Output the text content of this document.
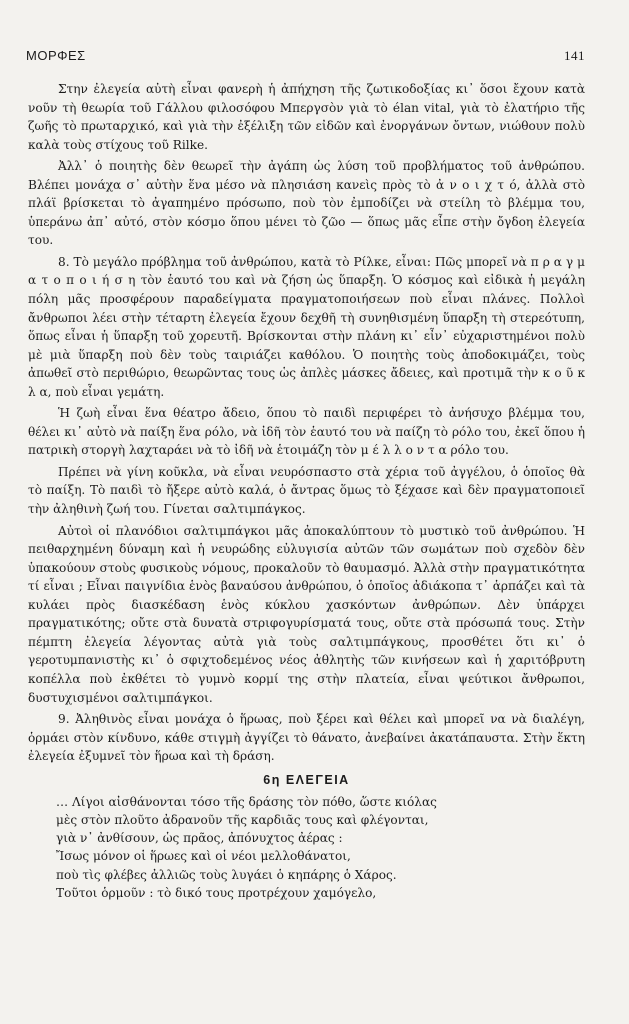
ΜΟΡΦΕΣ	141

Στην ἐλεγεία αὐτὴ εἶναι φανερὴ ἡ ἀπήχηση τῆς ζωτικοδοξίας κι᾿ ὅσοι ἔχουν κατὰ νοῦν τὴ θεωρία τοῦ Γάλλου φιλοσόφου Μπεργσὸν γιὰ τὸ élan vital, γιὰ τὸ ἐλατήριο τῆς ζωῆς τὸ πρωταρχικό, καὶ γιὰ τὴν ἐξέλιξη τῶν εἰδῶν καὶ ἐνοργάνων ὄντων, νιώθουν πολὺ καλὰ τοὺς στίχους τοῦ Rilke.

Ἀλλ᾿ ὁ ποιητὴς δὲν θεωρεῖ τὴν ἀγάπη ὡς λύση τοῦ προβλήματος τοῦ ἀνθρώπου. Βλέπει μονάχα σ᾿ αὐτὴν ἕνα μέσο νὰ πλησιάση κανεὶς πρὸς τὸ ἀ ν ο ι χ τ ό, ἀλλὰ στὸ πλάϊ βρίσκεται τὸ ἀγαπημένο πρόσωπο, ποὺ τὸν ἐμποδίζει νὰ στείλη τὸ βλέμμα του, ὑπεράνω ἀπ᾿ αὐτό, στὸν κόσμο ὅπου μένει τὸ ζῶο — ὅπως μᾶς εἶπε στὴν ὄγδοη ἐλεγεία του.

8. Τὸ μεγάλο πρόβλημα τοῦ ἀνθρώπου, κατὰ τὸ Ρίλκε, εἶναι: Πῶς μπορεῖ νὰ π ρ α γ μ α τ ο π ο ι ή σ η τὸν ἑαυτό του καὶ νὰ ζήση ὡς ὕπαρξη. Ὁ κόσμος καὶ εἰδικὰ ἡ μεγάλη πόλη μᾶς προσφέρουν παραδείγματα πραγματοποιήσεων ποὺ εἶναι πλάνες. Πολλοὶ ἄνθρωποι λέει στὴν τέταρτη ἐλεγεία ἔχουν δεχθῆ τὴ συνηθισμένη ὕπαρξη τὴ στερεότυπη, ὅπως εἶναι ἡ ὕπαρξη τοῦ χορευτῆ. Βρίσκονται στὴν πλάνη κι᾿ εἶν᾿ εὐχαριστημένοι πολὺ μὲ μιὰ ὕπαρξη ποὺ δὲν τοὺς ταιριάζει καθόλου. Ὁ ποιητὴς τοὺς ἀποδοκιμάζει, τοὺς ἀπωθεῖ στὸ περιθώριο, θεωρῶντας τους ὡς ἀπλὲς μάσκες ἄδειες, καὶ προτιμᾶ τὴν κ ο ῦ κ λ α, ποὺ εἶναι γεμάτη.

Ἡ ζωὴ εἶναι ἕνα θέατρο ἄδειο, ὅπου τὸ παιδὶ περιφέρει τὸ ἀνήσυχο βλέμμα του, θέλει κι᾿ αὐτὸ νὰ παίξη ἕνα ρόλο, νὰ ἰδῆ τὸν ἑαυτό του νὰ παίζη τὸ ρόλο του, ἐκεῖ ὅπου ἡ πατρικὴ στοργὴ λαχταράει νὰ τὸ ἰδῆ νὰ ἑτοιμάζη τὸν μ έ λ λ ο ν τ α ρόλο του.

Πρέπει νὰ γίνη κοῦκλα, νὰ εἶναι νευρόσπαστο στὰ χέρια τοῦ ἀγγέλου, ὁ ὁποῖος θὰ τὸ παίξη. Τὸ παιδὶ τὸ ἤξερε αὐτὸ καλά, ὁ ἄντρας ὅμως τὸ ξέχασε καὶ δὲν πραγματοποιεῖ τὴν ἀληθινὴ ζωή του. Γίνεται σαλτιμπάγκος.

Αὐτοὶ οἱ πλανόδιοι σαλτιμπάγκοι μᾶς ἀποκαλύπτουν τὸ μυστικὸ τοῦ ἀνθρώπου. Ἡ πειθαρχημένη δύναμη καὶ ἡ νευρώδης εὐλυγισία αὐτῶν τῶν σωμάτων ποὺ σχεδὸν δὲν ὑπακούουν στοὺς φυσικοὺς νόμους, προκαλοῦν τὸ θαυμασμό. Ἀλλὰ στὴν πραγματικότητα τί εἶναι ; Εἶναι παιγνίδια ἑνὸς βαναύσου ἀνθρώπου, ὁ ὁποῖος ἀδιάκοπα τ᾿ ἁρπάζει καὶ τὰ κυλάει πρὸς διασκέδαση ἑνὸς κύκλου χασκόντων ἀνθρώπων. Δὲν ὑπάρχει πραγματικότης; οὔτε στὰ δυνατὰ στριφογυρίσματά τους, οὔτε στὰ πρόσωπά τους. Στὴν πέμπτη ἐλεγεία λέγοντας αὐτὰ γιὰ τοὺς σαλτιμπάγκους, προσθέτει ὅτι κι᾿ ὁ γεροτυμπανιστὴς κι᾿ ὁ σφιχτοδεμένος νέος ἀθλητὴς τῶν κινήσεων καὶ ἡ χαριτόβρυτη κοπέλλα ποὺ ἐκθέτει τὸ γυμνὸ κορμί της στὴν πλατεία, εἶναι ψεύτικοι ἄνθρωποι, δυστυχισμένοι σαλτιμπάγκοι.

9. Ἀληθινὸς εἶναι μονάχα ὁ ἥρωας, ποὺ ξέρει καὶ θέλει καὶ μπορεῖ να νὰ διαλέγη, ὁρμάει στὸν κίνδυνο, κάθε στιγμὴ ἀγγίζει τὸ θάνατο, ἀνεβαίνει ἀκατάπαυστα. Στὴν ἕκτη ἐλεγεία ἐξυμνεῖ τὸν ἥρωα καὶ τὴ δράση.

6η ΕΛΕΓΕΙΑ
… Λίγοι αἰσθάνονται τόσο τῆς δράσης τὸν πόθο, ὥστε κιόλας
μὲς στὸν πλοῦτο ἀδρανοῦν τῆς καρδιᾶς τους καὶ φλέγονται,
γιὰ ν᾿ ἀνθίσουν, ὡς πρᾶος, ἀπόνυχτος ἀέρας :
Ἴσως μόνον οἱ ἥρωες καὶ οἱ νέοι μελλοθάνατοι,
ποὺ τὶς φλέβες ἀλλιῶς τοὺς λυγάει ὁ κηπάρης ὁ Χάρος.
Τοῦτοι ὁρμοῦν : τὸ δικό τους προτρέχουν χαμόγελο,
